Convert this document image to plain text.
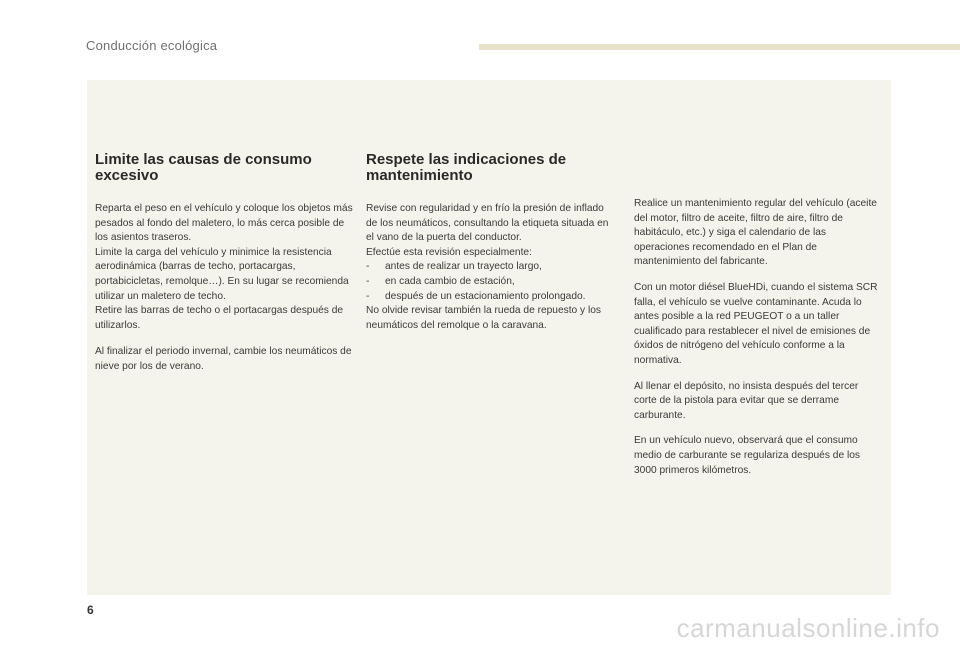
Conducción ecológica
Limite las causas de consumo excesivo

Reparta el peso en el vehículo y coloque los objetos más pesados al fondo del maletero, lo más cerca posible de los asientos traseros.

Limite la carga del vehículo y minimice la resistencia aerodinámica (barras de techo, portacargas, portabicicletas, remolque…). En su lugar se recomienda utilizar un maletero de techo.

Retire las barras de techo o el portacargas después de utilizarlos.

Al finalizar el periodo invernal, cambie los neumáticos de nieve por los de verano.

Respete las indicaciones de mantenimiento

Revise con regularidad y en frío la presión de inflado de los neumáticos, consultando la etiqueta situada en el vano de la puerta del conductor.

Efectúe esta revisión especialmente:

-	antes de realizar un trayecto largo,
-	en cada cambio de estación,
-	después de un estacionamiento prolongado.

No olvide revisar también la rueda de repuesto y los neumáticos del remolque o la caravana.

Realice un mantenimiento regular del vehículo (aceite del motor, filtro de aceite, filtro de aire, filtro de habitáculo, etc.) y siga el calendario de las operaciones recomendado en el Plan de mantenimiento del fabricante.

Con un motor diésel BlueHDi, cuando el sistema SCR falla, el vehículo se vuelve contaminante. Acuda lo antes posible a la red PEUGEOT o a un taller cualificado para restablecer el nivel de emisiones de óxidos de nitrógeno del vehículo conforme a la normativa.

Al llenar el depósito, no insista después del tercer corte de la pistola para evitar que se derrame carburante.

En un vehículo nuevo, observará que el consumo medio de carburante se regulariza después de los 3000 primeros kilómetros.

6
carmanualsonline.info
